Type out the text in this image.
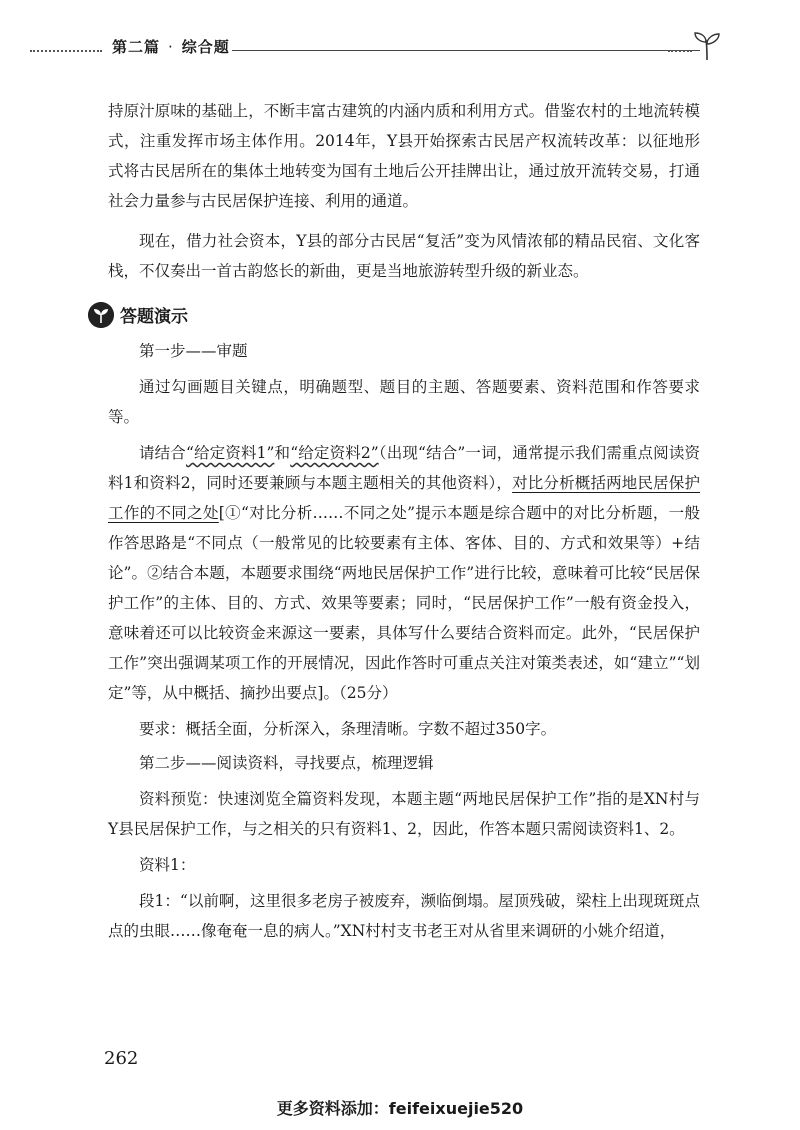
第二篇 · 综合题

持原汁原味的基础上，不断丰富古建筑的内涵内质和利用方式。借鉴农村的土地流转模式，注重发挥市场主体作用。2014年，Y县开始探索古民居产权流转改革：以征地形式将古民居所在的集体土地转变为国有土地后公开挂牌出让，通过放开流转交易，打通社会力量参与古民居保护连接、利用的通道。

现在，借力社会资本，Y县的部分古民居“复活”变为风情浓郁的精品民宿、文化客栈，不仅奏出一首古韵悠长的新曲，更是当地旅游转型升级的新业态。

答题演示
第一步——审题

通过勾画题目关键点，明确题型、题目的主题、答题要素、资料范围和作答要求等。

请结合“给定资料1”和“给定资料2”（出现“结合”一词，通常提示我们需重点阅读资料1和资料2，同时还要兼顾与本题主题相关的其他资料），对比分析概括两地民居保护工作的不同之处[①“对比分析……不同之处”提示本题是综合题中的对比分析题，一般作答思路是“不同点（一般常见的比较要素有主体、客体、目的、方式和效果等）+结论”。②结合本题，本题要求围绕“两地民居保护工作”进行比较，意味着可比较“民居保护工作”的主体、目的、方式、效果等要素；同时，“民居保护工作”一般有资金投入，意味着还可以比较资金来源这一要素，具体写什么要结合资料而定。此外，“民居保护工作”突出强调某项工作的开展情况，因此作答时可重点关注对策类表述，如“建立”“划定”等，从中概括、摘抄出要点]。（25分）

要求：概括全面，分析深入，条理清晰。字数不超过350字。

第二步——阅读资料，寻找要点，梳理逻辑

资料预览：快速浏览全篇资料发现，本题主题“两地民居保护工作”指的是XN村与Y县民居保护工作，与之相关的只有资料1、2，因此，作答本题只需阅读资料1、2。

资料1：

段1：“以前啊，这里很多老房子被废弃，濒临倒塌。屋顶残破，梁柱上出现斑斑点点的虫眼……像奄奄一息的病人。”XN村村支书老王对从省里来调研的小姚介绍道，

262
更多资料添加：feifeixuejie520
